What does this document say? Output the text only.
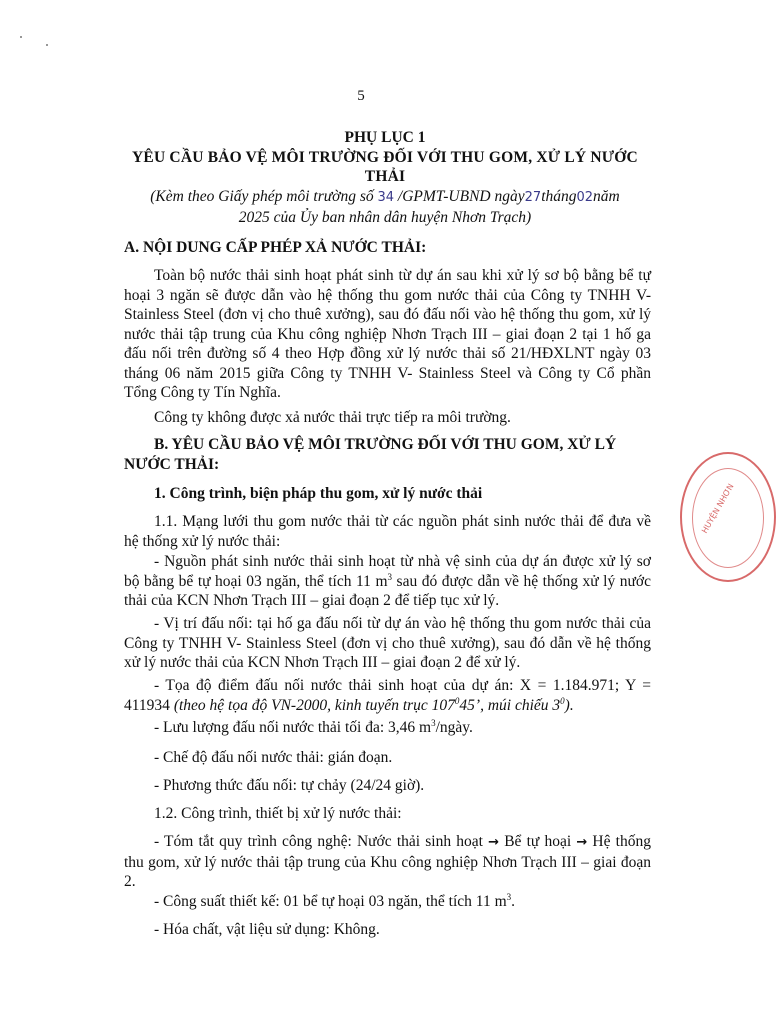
5
PHỤ LỤC 1
YÊU CẦU BẢO VỆ MÔI TRƯỜNG ĐỐI VỚI THU GOM, XỬ LÝ NƯỚC
THẢI
(Kèm theo Giấy phép môi trường số 34 /GPMT-UBND ngày27tháng02năm
2025 của Ủy ban nhân dân huyện Nhơn Trạch)

A. NỘI DUNG CẤP PHÉP XẢ NƯỚC THẢI:

Toàn bộ nước thải sinh hoạt phát sinh từ dự án sau khi xử lý sơ bộ bằng bể tự hoại 3 ngăn sẽ được dẫn vào hệ thống thu gom nước thải của Công ty TNHH V- Stainless Steel (đơn vị cho thuê xưởng), sau đó đấu nối vào hệ thống thu gom, xử lý nước thải tập trung của Khu công nghiệp Nhơn Trạch III – giai đoạn 2 tại 1 hố ga đấu nối trên đường số 4 theo Hợp đồng xử lý nước thải số 21/HĐXLNT ngày 03 tháng 06 năm 2015 giữa Công ty TNHH V- Stainless Steel và Công ty Cổ phần Tổng Công ty Tín Nghĩa.

Công ty không được xả nước thải trực tiếp ra môi trường.

B. YÊU CẦU BẢO VỆ MÔI TRƯỜNG ĐỐI VỚI THU GOM, XỬ LÝ

NƯỚC THẢI:

1. Công trình, biện pháp thu gom, xử lý nước thải

1.1. Mạng lưới thu gom nước thải từ các nguồn phát sinh nước thải để đưa về hệ thống xử lý nước thải:

- Nguồn phát sinh nước thải sinh hoạt từ nhà vệ sinh của dự án được xử lý sơ bộ bằng bể tự hoại 03 ngăn, thể tích 11 $m^3$ sau đó được dẫn về hệ thống xử lý nước thải của KCN Nhơn Trạch III – giai đoạn 2 để tiếp tục xử lý.

- Vị trí đấu nối: tại hố ga đấu nối từ dự án vào hệ thống thu gom nước thải của Công ty TNHH V- Stainless Steel (đơn vị cho thuê xưởng), sau đó dẫn về hệ thống xử lý nước thải của KCN Nhơn Trạch III – giai đoạn 2 để xử lý.

- Tọa độ điểm đấu nối nước thải sinh hoạt của dự án: X = 1.184.971; Y = 411934 (theo hệ tọa độ VN-2000, kinh tuyến trục $107^045$’, múi chiếu $3^0$).

- Lưu lượng đấu nối nước thải tối đa: 3,46 $m^3$/ngày.

- Chế độ đấu nối nước thải: gián đoạn.

- Phương thức đấu nối: tự chảy (24/24 giờ).

1.2. Công trình, thiết bị xử lý nước thải:

- Tóm tắt quy trình công nghệ: Nước thải sinh hoạt → Bể tự hoại → Hệ thống thu gom, xử lý nước thải tập trung của Khu công nghiệp Nhơn Trạch III – giai đoạn 2.

- Công suất thiết kế: 01 bể tự hoại 03 ngăn, thể tích 11 $m^3$.

- Hóa chất, vật liệu sử dụng: Không.

HUYỆN NHƠN
